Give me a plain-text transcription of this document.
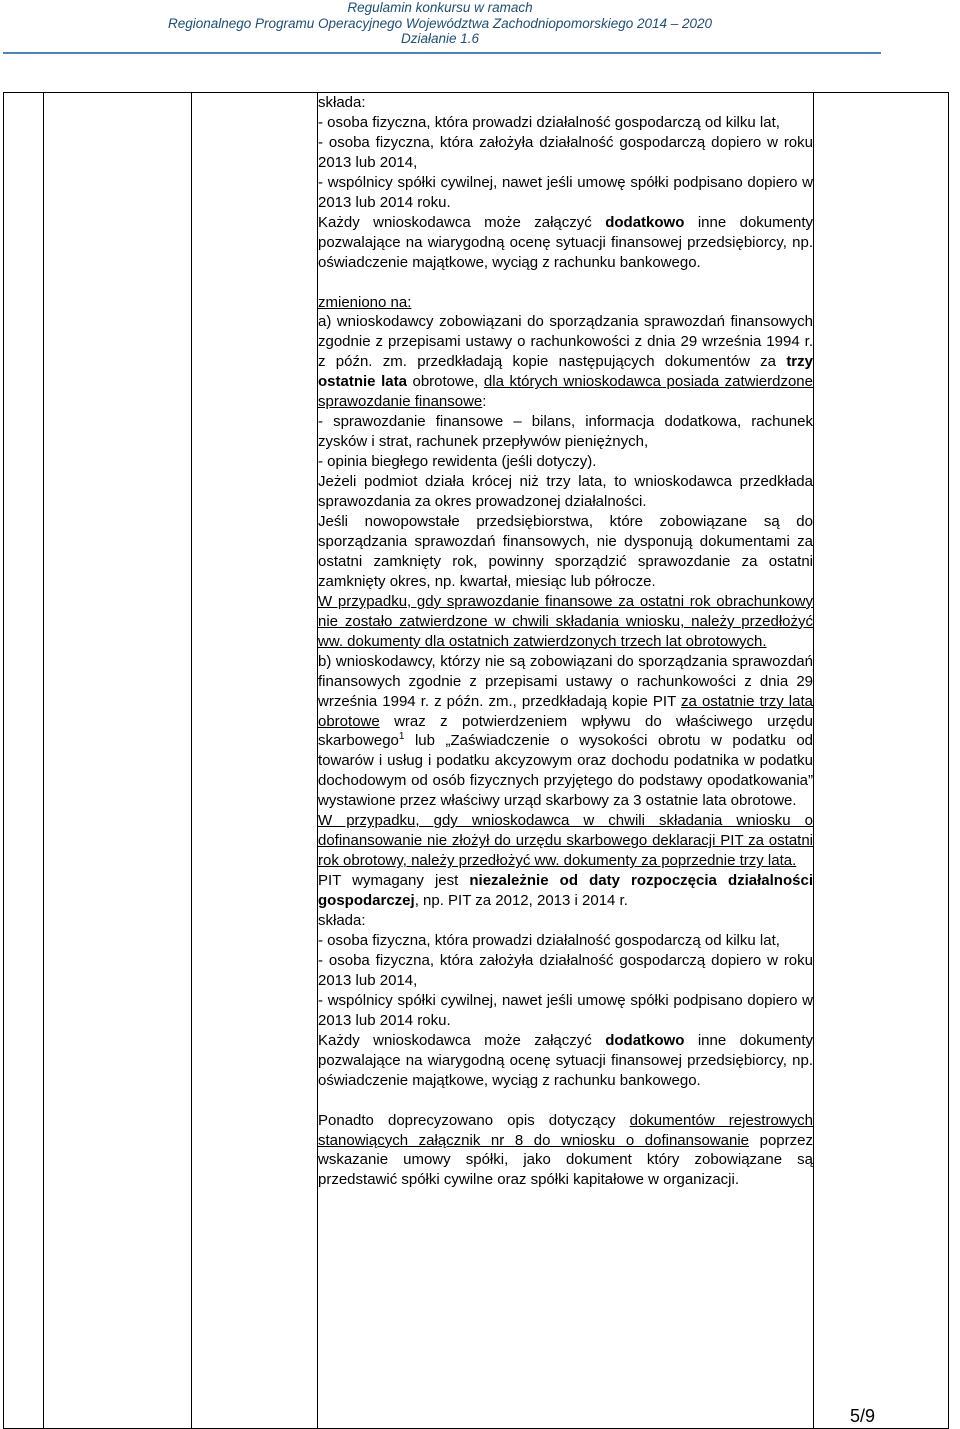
Regulamin konkursu w ramach
Regionalnego Programu Operacyjnego Województwa Zachodniopomorskiego 2014 – 2020
Działanie 1.6

składa:

- osoba fizyczna, która prowadzi działalność gospodarczą od kilku lat,

- osoba fizyczna, która założyła działalność gospodarczą dopiero w roku 2013 lub 2014,

- wspólnicy spółki cywilnej, nawet jeśli umowę spółki podpisano dopiero w 2013 lub 2014 roku.

Każdy wnioskodawca może załączyć dodatkowo inne dokumenty pozwalające na wiarygodną ocenę sytuacji finansowej przedsiębiorcy, np. oświadczenie majątkowe, wyciąg z rachunku bankowego.

zmieniono na:

a) wnioskodawcy zobowiązani do sporządzania sprawozdań finansowych zgodnie z przepisami ustawy o rachunkowości z dnia 29 września 1994 r. z późn. zm. przedkładają kopie następujących dokumentów za trzy ostatnie lata obrotowe, dla których wnioskodawca posiada zatwierdzone sprawozdanie finansowe:

- sprawozdanie finansowe – bilans, informacja dodatkowa, rachunek zysków i strat, rachunek przepływów pieniężnych,

- opinia biegłego rewidenta (jeśli dotyczy).

Jeżeli podmiot działa krócej niż trzy lata, to wnioskodawca przedkłada sprawozdania za okres prowadzonej działalności.

Jeśli nowopowstałe przedsiębiorstwa, które zobowiązane są do sporządzania sprawozdań finansowych, nie dysponują dokumentami za ostatni zamknięty rok, powinny sporządzić sprawozdanie za ostatni zamknięty okres, np. kwartał, miesiąc lub półrocze.

W przypadku, gdy sprawozdanie finansowe za ostatni rok obrachunkowy nie zostało zatwierdzone w chwili składania wniosku, należy przedłożyć ww. dokumenty dla ostatnich zatwierdzonych trzech lat obrotowych.

b) wnioskodawcy, którzy nie są zobowiązani do sporządzania sprawozdań finansowych zgodnie z przepisami ustawy o rachunkowości z dnia 29 września 1994 r. z późn. zm., przedkładają kopie PIT za ostatnie trzy lata obrotowe wraz z potwierdzeniem wpływu do właściwego urzędu skarbowego$^1$ lub „Zaświadczenie o wysokości obrotu w podatku od towarów i usług i podatku akcyzowym oraz dochodu podatnika w podatku dochodowym od osób fizycznych przyjętego do podstawy opodatkowania” wystawione przez właściwy urząd skarbowy za 3 ostatnie lata obrotowe.

W przypadku, gdy wnioskodawca w chwili składania wniosku o dofinansowanie nie złożył do urzędu skarbowego deklaracji PIT za ostatni rok obrotowy, należy przedłożyć ww. dokumenty za poprzednie trzy lata.

PIT wymagany jest niezależnie od daty rozpoczęcia działalności gospodarczej, np. PIT za 2012, 2013 i 2014 r.

składa:

- osoba fizyczna, która prowadzi działalność gospodarczą od kilku lat,

- osoba fizyczna, która założyła działalność gospodarczą dopiero w roku 2013 lub 2014,

- wspólnicy spółki cywilnej, nawet jeśli umowę spółki podpisano dopiero w 2013 lub 2014 roku.

Każdy wnioskodawca może załączyć dodatkowo inne dokumenty pozwalające na wiarygodną ocenę sytuacji finansowej przedsiębiorcy, np. oświadczenie majątkowe, wyciąg z rachunku bankowego.

Ponadto doprecyzowano opis dotyczący dokumentów rejestrowych stanowiących załącznik nr 8 do wniosku o dofinansowanie poprzez wskazanie umowy spółki, jako dokument który zobowiązane są przedstawić spółki cywilne oraz spółki kapitałowe w organizacji.

5/9
